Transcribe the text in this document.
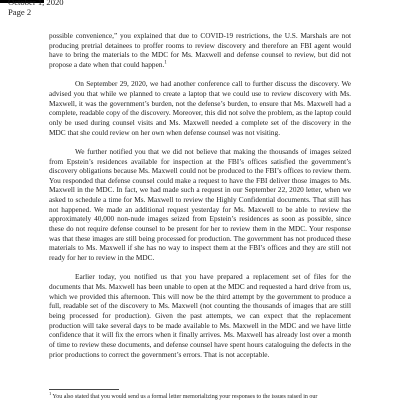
October 1, 2020
Page 2

possible convenience,” you explained that due to COVID-19 restrictions, the U.S. Marshals are not producing pretrial detainees to proffer rooms to review discovery and therefore an FBI agent would have to bring the materials to the MDC for Ms. Maxwell and defense counsel to review, but did not propose a date when that could happen.$^1$

On September 29, 2020, we had another conference call to further discuss the discovery. We advised you that while we planned to create a laptop that we could use to review discovery with Ms. Maxwell, it was the government’s burden, not the defense’s burden, to ensure that Ms. Maxwell had a complete, readable copy of the discovery. Moreover, this did not solve the problem, as the laptop could only be used during counsel visits and Ms. Maxwell needed a complete set of the discovery in the MDC that she could review on her own when defense counsel was not visiting.

We further notified you that we did not believe that making the thousands of images seized from Epstein’s residences available for inspection at the FBI’s offices satisfied the government’s discovery obligations because Ms. Maxwell could not be produced to the FBI’s offices to review them. You responded that defense counsel could make a request to have the FBI deliver those images to Ms. Maxwell in the MDC. In fact, we had made such a request in our September 22, 2020 letter, when we asked to schedule a time for Ms. Maxwell to review the Highly Confidential documents. That still has not happened. We made an additional request yesterday for Ms. Maxwell to be able to review the approximately 40,000 non-nude images seized from Epstein’s residences as soon as possible, since these do not require defense counsel to be present for her to review them in the MDC. Your response was that these images are still being processed for production. The government has not produced these materials to Ms. Maxwell if she has no way to inspect them at the FBI’s offices and they are still not ready for her to review in the MDC.

Earlier today, you notified us that you have prepared a replacement set of files for the documents that Ms. Maxwell has been unable to open at the MDC and requested a hard drive from us, which we provided this afternoon. This will now be the third attempt by the government to produce a full, readable set of the discovery to Ms. Maxwell (not counting the thousands of images that are still being processed for production). Given the past attempts, we can expect that the replacement production will take several days to be made available to Ms. Maxwell in the MDC and we have little confidence that it will fix the errors when it finally arrives. Ms. Maxwell has already lost over a month of time to review these documents, and defense counsel have spent hours cataloguing the defects in the prior productions to correct the government’s errors. That is not acceptable.

$^1$ You also stated that you would send us a formal letter memorializing your responses to the issues raised in our
